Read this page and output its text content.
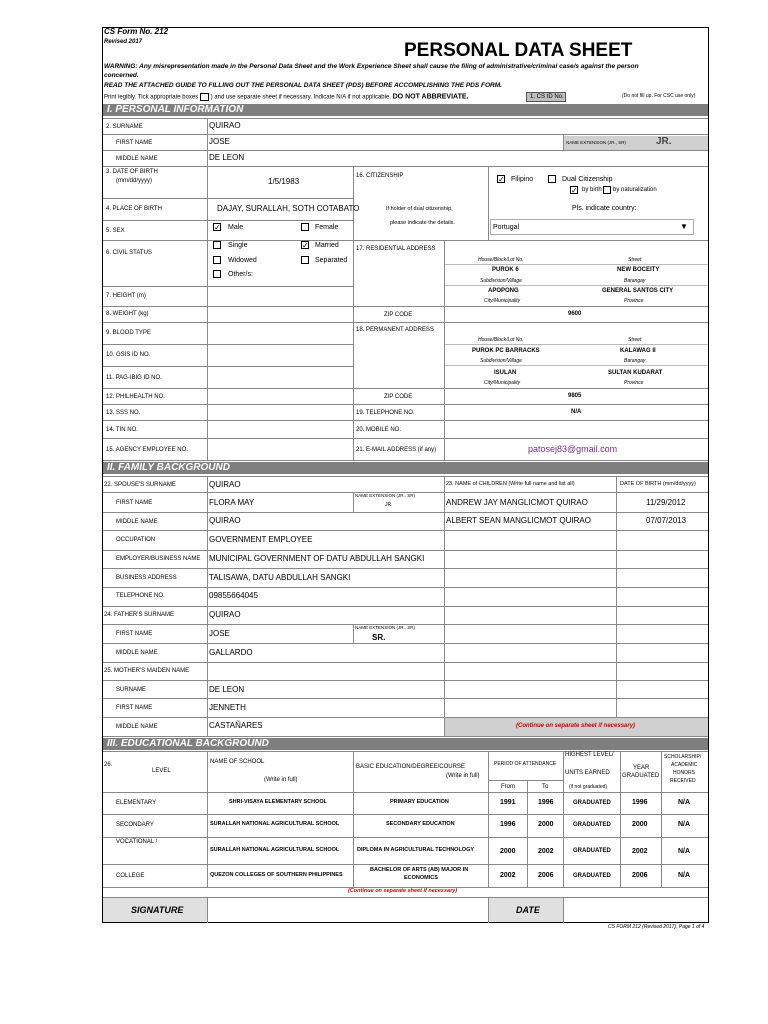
CS Form No. 212
Revised 2017	PERSONAL DATA SHEET
WARNING: Any misrepresentation made in the Personal Data Sheet and the Work Experience Sheet shall cause the filing of administrative/criminal case/s against the person
concerned.
READ THE ATTACHED GUIDE TO FILLING OUT THE PERSONAL DATA SHEET (PDS) BEFORE ACCOMPLISHING THE PDS FORM.
Print legibly. Tick appropriate boxes ) and use separate sheet if necessary. Indicate N/A if not applicable. DO NOT ABBREVIATE.	1. CS ID No.	(Do not fill up. For CSC use only)
I. PERSONAL INFORMATION
2. SURNAME	QUIRAO
FIRST NAME	JOSE	NAME EXTENSION (JR., SR)	JR.
MIDDLE NAME	DE LEON
3. DATE OF BIRTH
(mm/dd/yyyy)	1/5/1983
4. PLACE OF BIRTH	DAJAY, SURALLAH, SOTH COTABATO
5. SEX	✓ Male	Female
6. CIVIL STATUS
Single	✓ Married
Widowed	Separated
Other/s:
7. HEIGHT (m)
8. WEIGHT (kg)
9. BLOOD TYPE
10. GSIS ID NO.
11. PAG-IBIG ID NO.
12. PHILHEALTH NO.
13. SSS NO.
14. TIN NO.
15. AGENCY EMPLOYEE NO.
16. CITIZENSHIP	✓ Filipino	Dual Citizenship
✓ by birth by naturalization
If holder of dual citizenship,
please indicate the details.
Pls. indicate country:
Portugal	▼
17. RESIDENTIAL ADDRESS
House/Block/Lot No.	Street
PUROK 6	NEW BOCEITY
Subdivision/Village	Barangay
APOPONG	GENERAL SANTOS CITY
City/Municipality	Province
ZIP CODE	9600
18. PERMANENT ADDRESS
House/Block/Lot No.	Street
PUROK PC BARRACKS	KALAWAG II
Subdivision/Village	Barangay
ISULAN	SULTAN KUDARAT
City/Municipality	Province
ZIP CODE	9805
19. TELEPHONE NO.	N/A
20. MOBILE NO.
21. E-MAIL ADDRESS (if any)	patosej83@gmail.com
II. FAMILY BACKGROUND
22. SPOUSE'S SURNAME	QUIRAO
FIRST NAME	FLORA MAY
NAME EXTENSION (JR., SR)
JR.
MIDDLE NAME	QUIRAO
OCCUPATION	GOVERNMENT EMPLOYEE
EMPLOYER/BUSINESS NAME MUNICIPAL GOVERNMENT OF DATU ABDULLAH SANGKI
BUSINESS ADDRESS	TALISAWA, DATU ABDULLAH SANGKI
TELEPHONE NO.	09855664045
24. FATHER'S SURNAME	QUIRAO
FIRST NAME	JOSE
NAME EXTENSION (JR., SR)
SR.
MIDDLE NAME	GALLARDO
25. MOTHER'S MAIDEN NAME
SURNAME	DE LEON
FIRST NAME	JENNETH
MIDDLE NAME	CASTAÑARES
23. NAME of CHILDREN (Write full name and list all)	DATE OF BIRTH (mm/dd/yyyy)
ANDREW JAY MANGLICMOT QUIRAO	11/29/2012
ALBERT SEAN MANGLICMOT QUIRAO	07/07/2013
(Continue on separate sheet if necessary)
III. EDUCATIONAL BACKGROUND
26.
LEVEL
NAME OF SCHOOL
(Write in full)
BASIC EDUCATION/DEGREE/COURSE
(Write in full)
PERIOD OF ATTENDANCE
From	To
HIGHEST LEVEL/
UNITS EARNED
(if not graduated)
YEAR
GRADUATED
SCHOLARSHIP/
ACADEMIC
HONORS
RECEIVED
ELEMENTARY	SHRI-VISAYA ELEMENTARY SCHOOL	PRIMARY EDUCATION	1991	1996	GRADUATED	1996	N/A
SECONDARY	SURALLAH NATIONAL AGRICULTURAL SCHOOL	SECONDARY EDUCATION	1996	2000	GRADUATED	2000	N/A
VOCATIONAL /
SURALLAH NATIONAL AGRICULTURAL SCHOOL	DIPLOMA IN AGRICULTURAL TECHNOLOGY	2000	2002	GRADUATED	2002	N/A
COLLEGE	QUEZON COLLEGES OF SOUTHERN PHILIPPINES
BACHELOR OF ARTS (AB) MAJOR IN
ECONOMICS	2002	2006	GRADUATED	2006	N/A
(Continue on separate sheet if necessary)
SIGNATURE	DATE
CS FORM 212 (Revised 2017), Page 1 of 4
